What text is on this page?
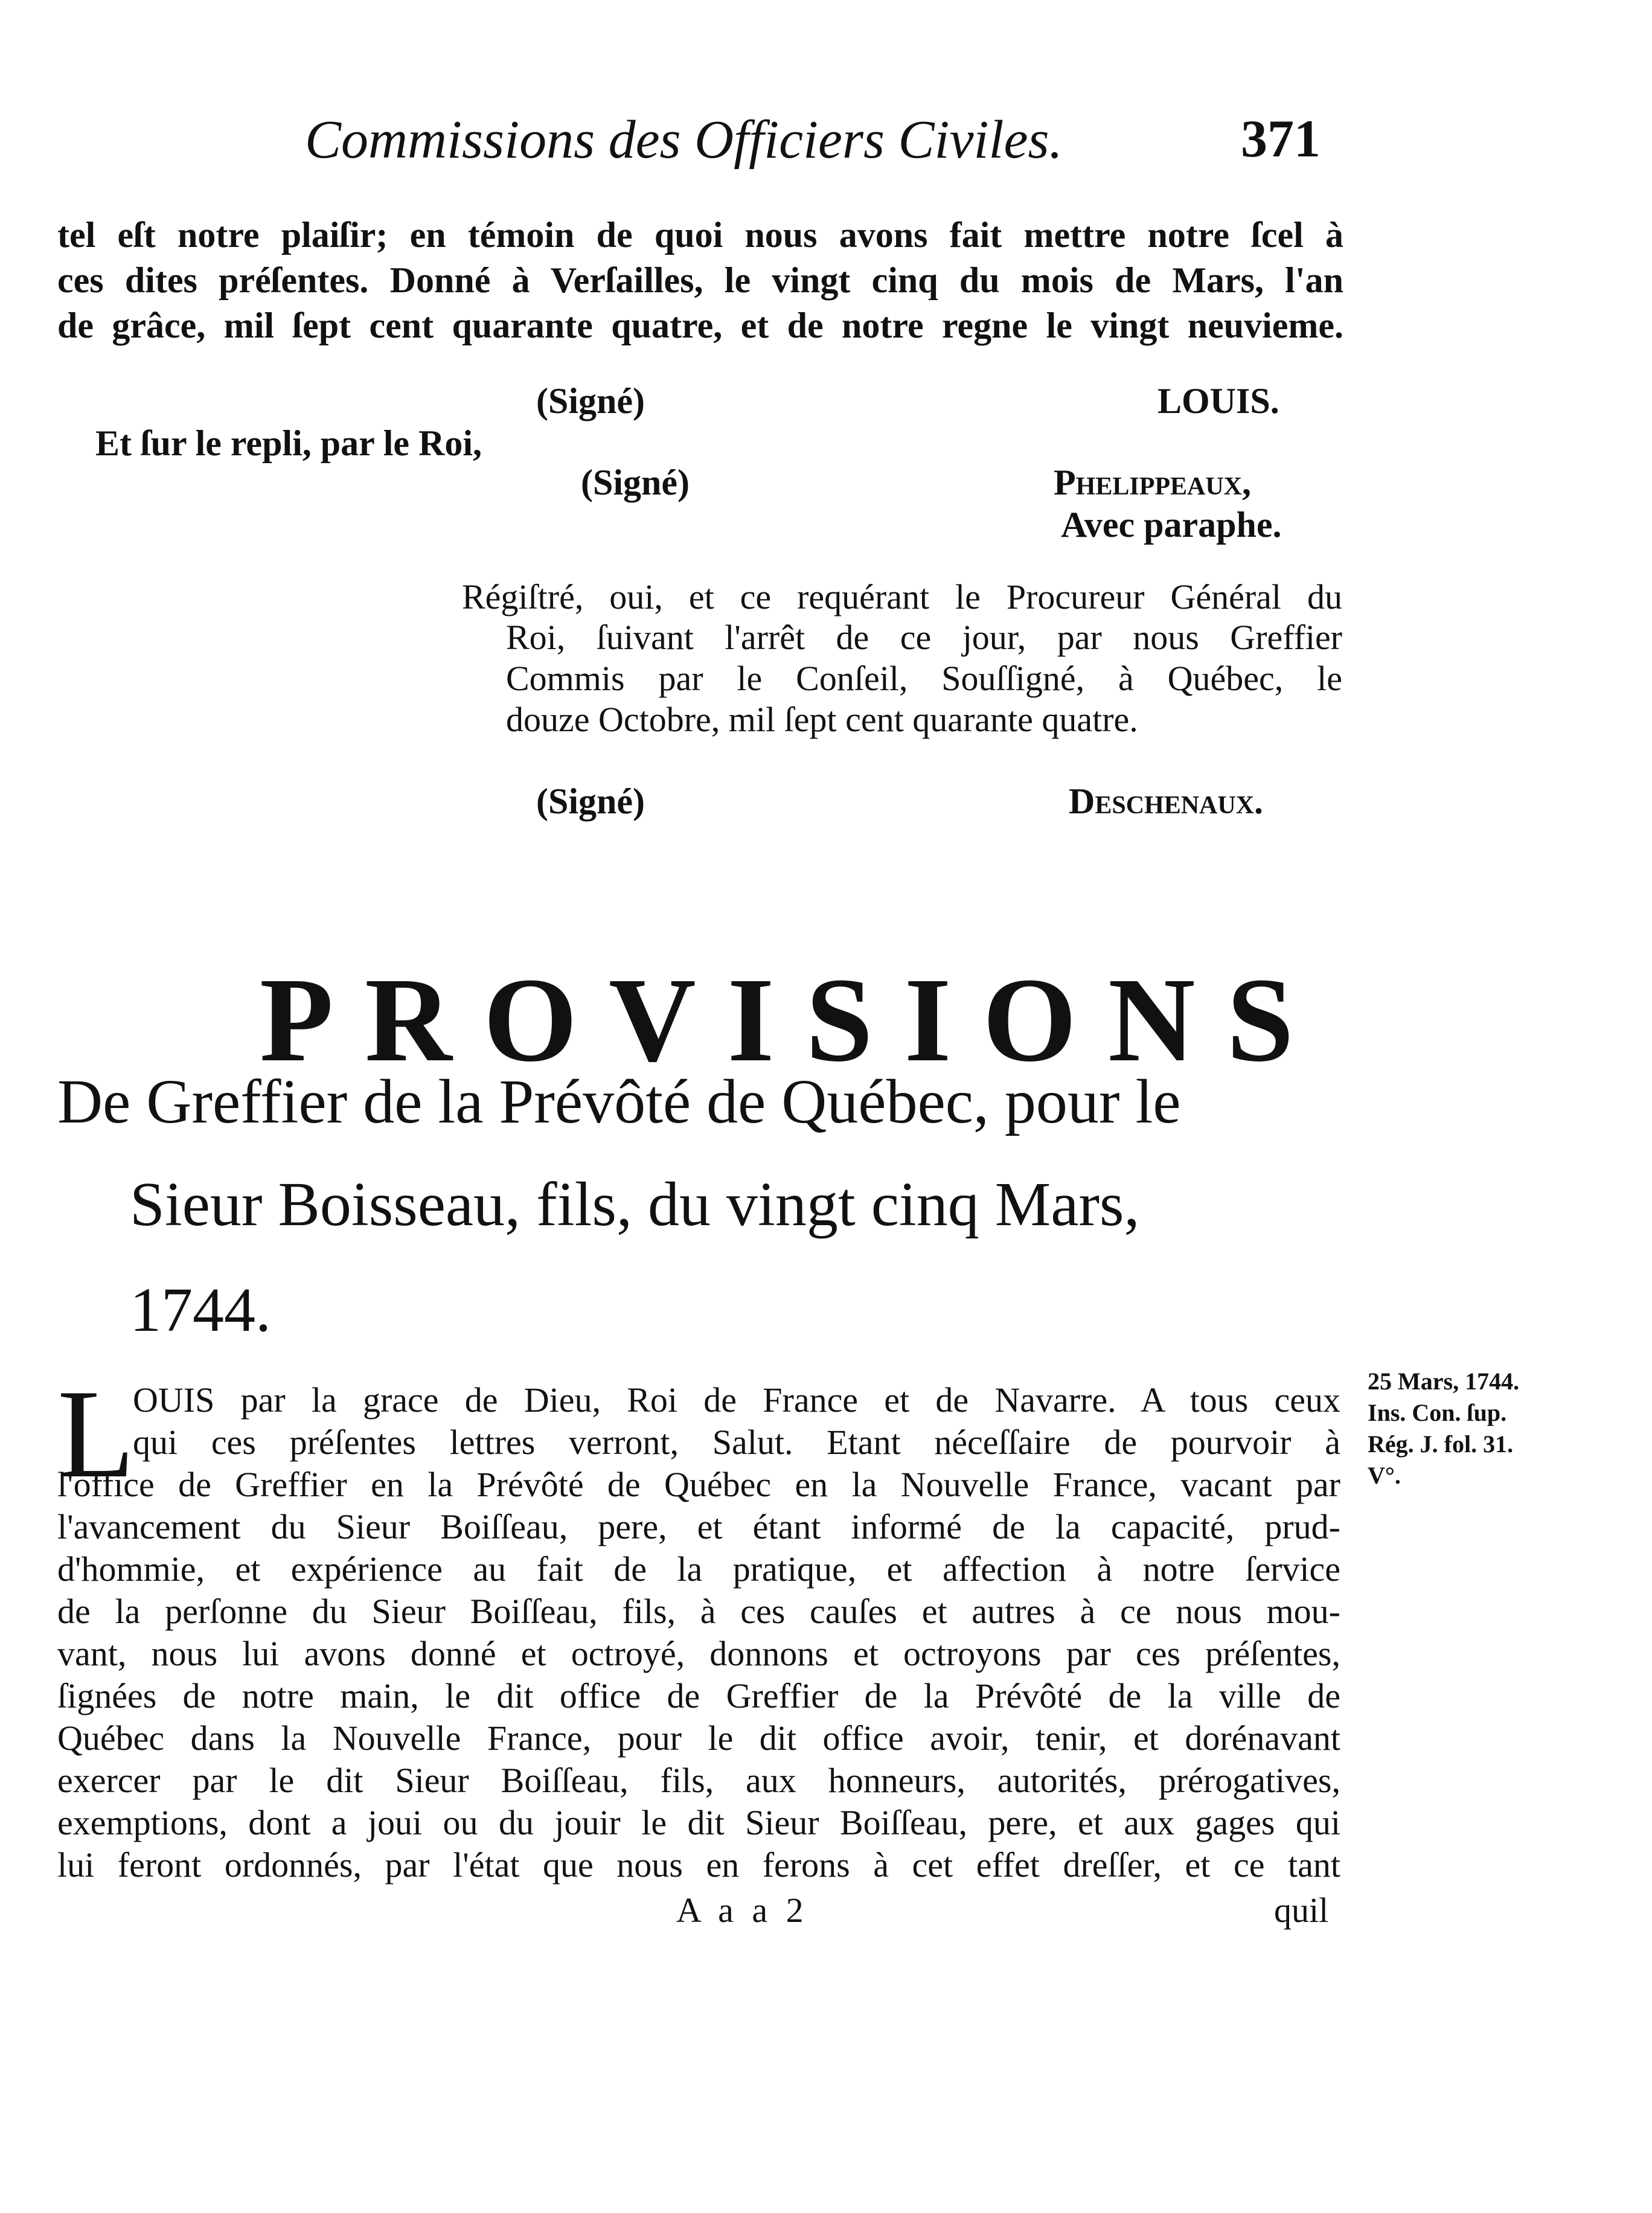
Commissions des Officiers Civiles.	371
tel eſt notre plaiſir; en témoin de quoi nous avons fait mettre notre ſcel à
ces dites préſentes. Donné à Verſailles, le vingt cinq du mois de Mars, l'an
de grâce, mil ſept cent quarante quatre, et de notre regne le vingt neuvieme.
(Signé)	LOUIS.
Et ſur le repli, par le Roi,
(Signé)	Phelippeaux,
Avec paraphe.
Régiſtré, oui, et ce requérant le Procureur Général du
Roi, ſuivant l'arrêt de ce jour, par nous Greffier
Commis par le Conſeil, Souſſigné, à Québec, le
douze Octobre, mil ſept cent quarante quatre.
(Signé)	Deschenaux.
PROVISIONS
De Greffier de la Prévôté de Québec, pour le
Sieur Boisseau, fils, du vingt cinq Mars,
1744.
L
OUIS par la grace de Dieu, Roi de France et de Navarre. A tous ceux
qui ces préſentes lettres verront, Salut. Etant néceſſaire de pourvoir à
l'office de Greffier en la Prévôté de Québec en la Nouvelle France, vacant par
l'avancement du Sieur Boiſſeau, pere, et étant informé de la capacité, prud-
d'hommie, et expérience au fait de la pratique, et affection à notre ſervice
de la perſonne du Sieur Boiſſeau, fils, à ces cauſes et autres à ce nous mou-
vant, nous lui avons donné et octroyé, donnons et octroyons par ces préſentes,
ſignées de notre main, le dit office de Greffier de la Prévôté de la ville de
Québec dans la Nouvelle France, pour le dit office avoir, tenir, et dorénavant
exercer par le dit Sieur Boiſſeau, fils, aux honneurs, autorités, prérogatives,
exemptions, dont a joui ou du jouir le dit Sieur Boiſſeau, pere, et aux gages qui
lui feront ordonnés, par l'état que nous en ferons à cet effet dreſſer, et ce tant
25 Mars, 1744.
Ins. Con. ſup.
Rég. J. fol. 31.
V°.
A a a 2	quil
